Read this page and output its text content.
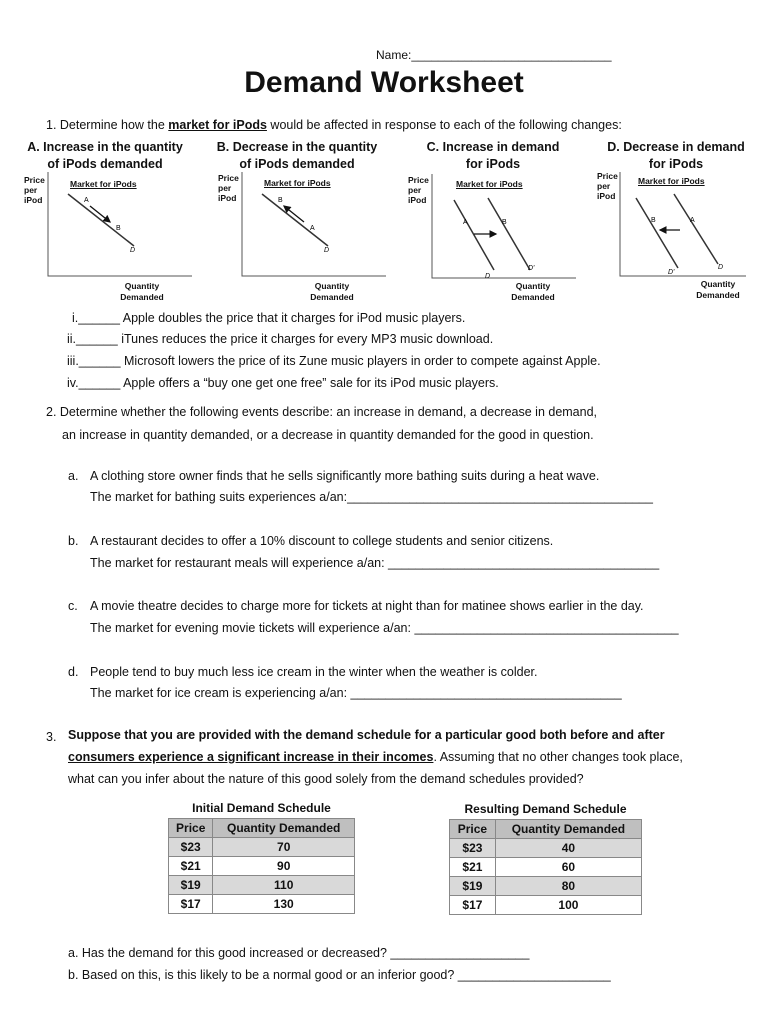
Name:______________________________
Demand Worksheet
1. Determine how the market for iPods would be affected in response to each of the following changes:
A. Increase in the quantity
of iPods demanded
Price
per
iPod
Market for iPods
A
B
D
Quantity
Demanded
B. Decrease in the quantity
of iPods demanded
Price
per
iPod
Market for iPods
B
A
D
Quantity
Demanded
C. Increase in demand
for iPods
Price
per
iPod
Market for iPods
A	B
D
D'
Quantity
Demanded
D. Decrease in demand
for iPods
Price
per
iPod
Market for iPods
B	A
D
D'
Quantity
Demanded
i.______ Apple doubles the price that it charges for iPod music players.
ii.______ iTunes reduces the price it charges for every MP3 music download.
iii.______ Microsoft lowers the price of its Zune music players in order to compete against Apple.
iv.______ Apple offers a “buy one get one free” sale for its iPod music players.
2. Determine whether the following events describe: an increase in demand, a decrease in demand,
an increase in quantity demanded, or a decrease in quantity demanded for the good in question.
a. A clothing store owner finds that he sells significantly more bathing suits during a heat wave.
The market for bathing suits experiences a/an:____________________________________________
b. A restaurant decides to offer a 10% discount to college students and senior citizens.
The market for restaurant meals will experience a/an: _______________________________________
c. A movie theatre decides to charge more for tickets at night than for matinee shows earlier in the day.
The market for evening movie tickets will experience a/an: ______________________________________
d. People tend to buy much less ice cream in the winter when the weather is colder.
The market for ice cream is experiencing a/an: _______________________________________
3. Suppose that you are provided with the demand schedule for a particular good both before and after
consumers experience a significant increase in their incomes. Assuming that no other changes took place,
what can you infer about the nature of this good solely from the demand schedules provided?
Initial Demand Schedule
Price	Quantity Demanded
$23	70
$21	90
$19	110
$17	130
Resulting Demand Schedule
Price	Quantity Demanded
$23	40
$21	60
$19	80
$17	100
a. Has the demand for this good increased or decreased? ____________________
b. Based on this, is this likely to be a normal good or an inferior good? ______________________
